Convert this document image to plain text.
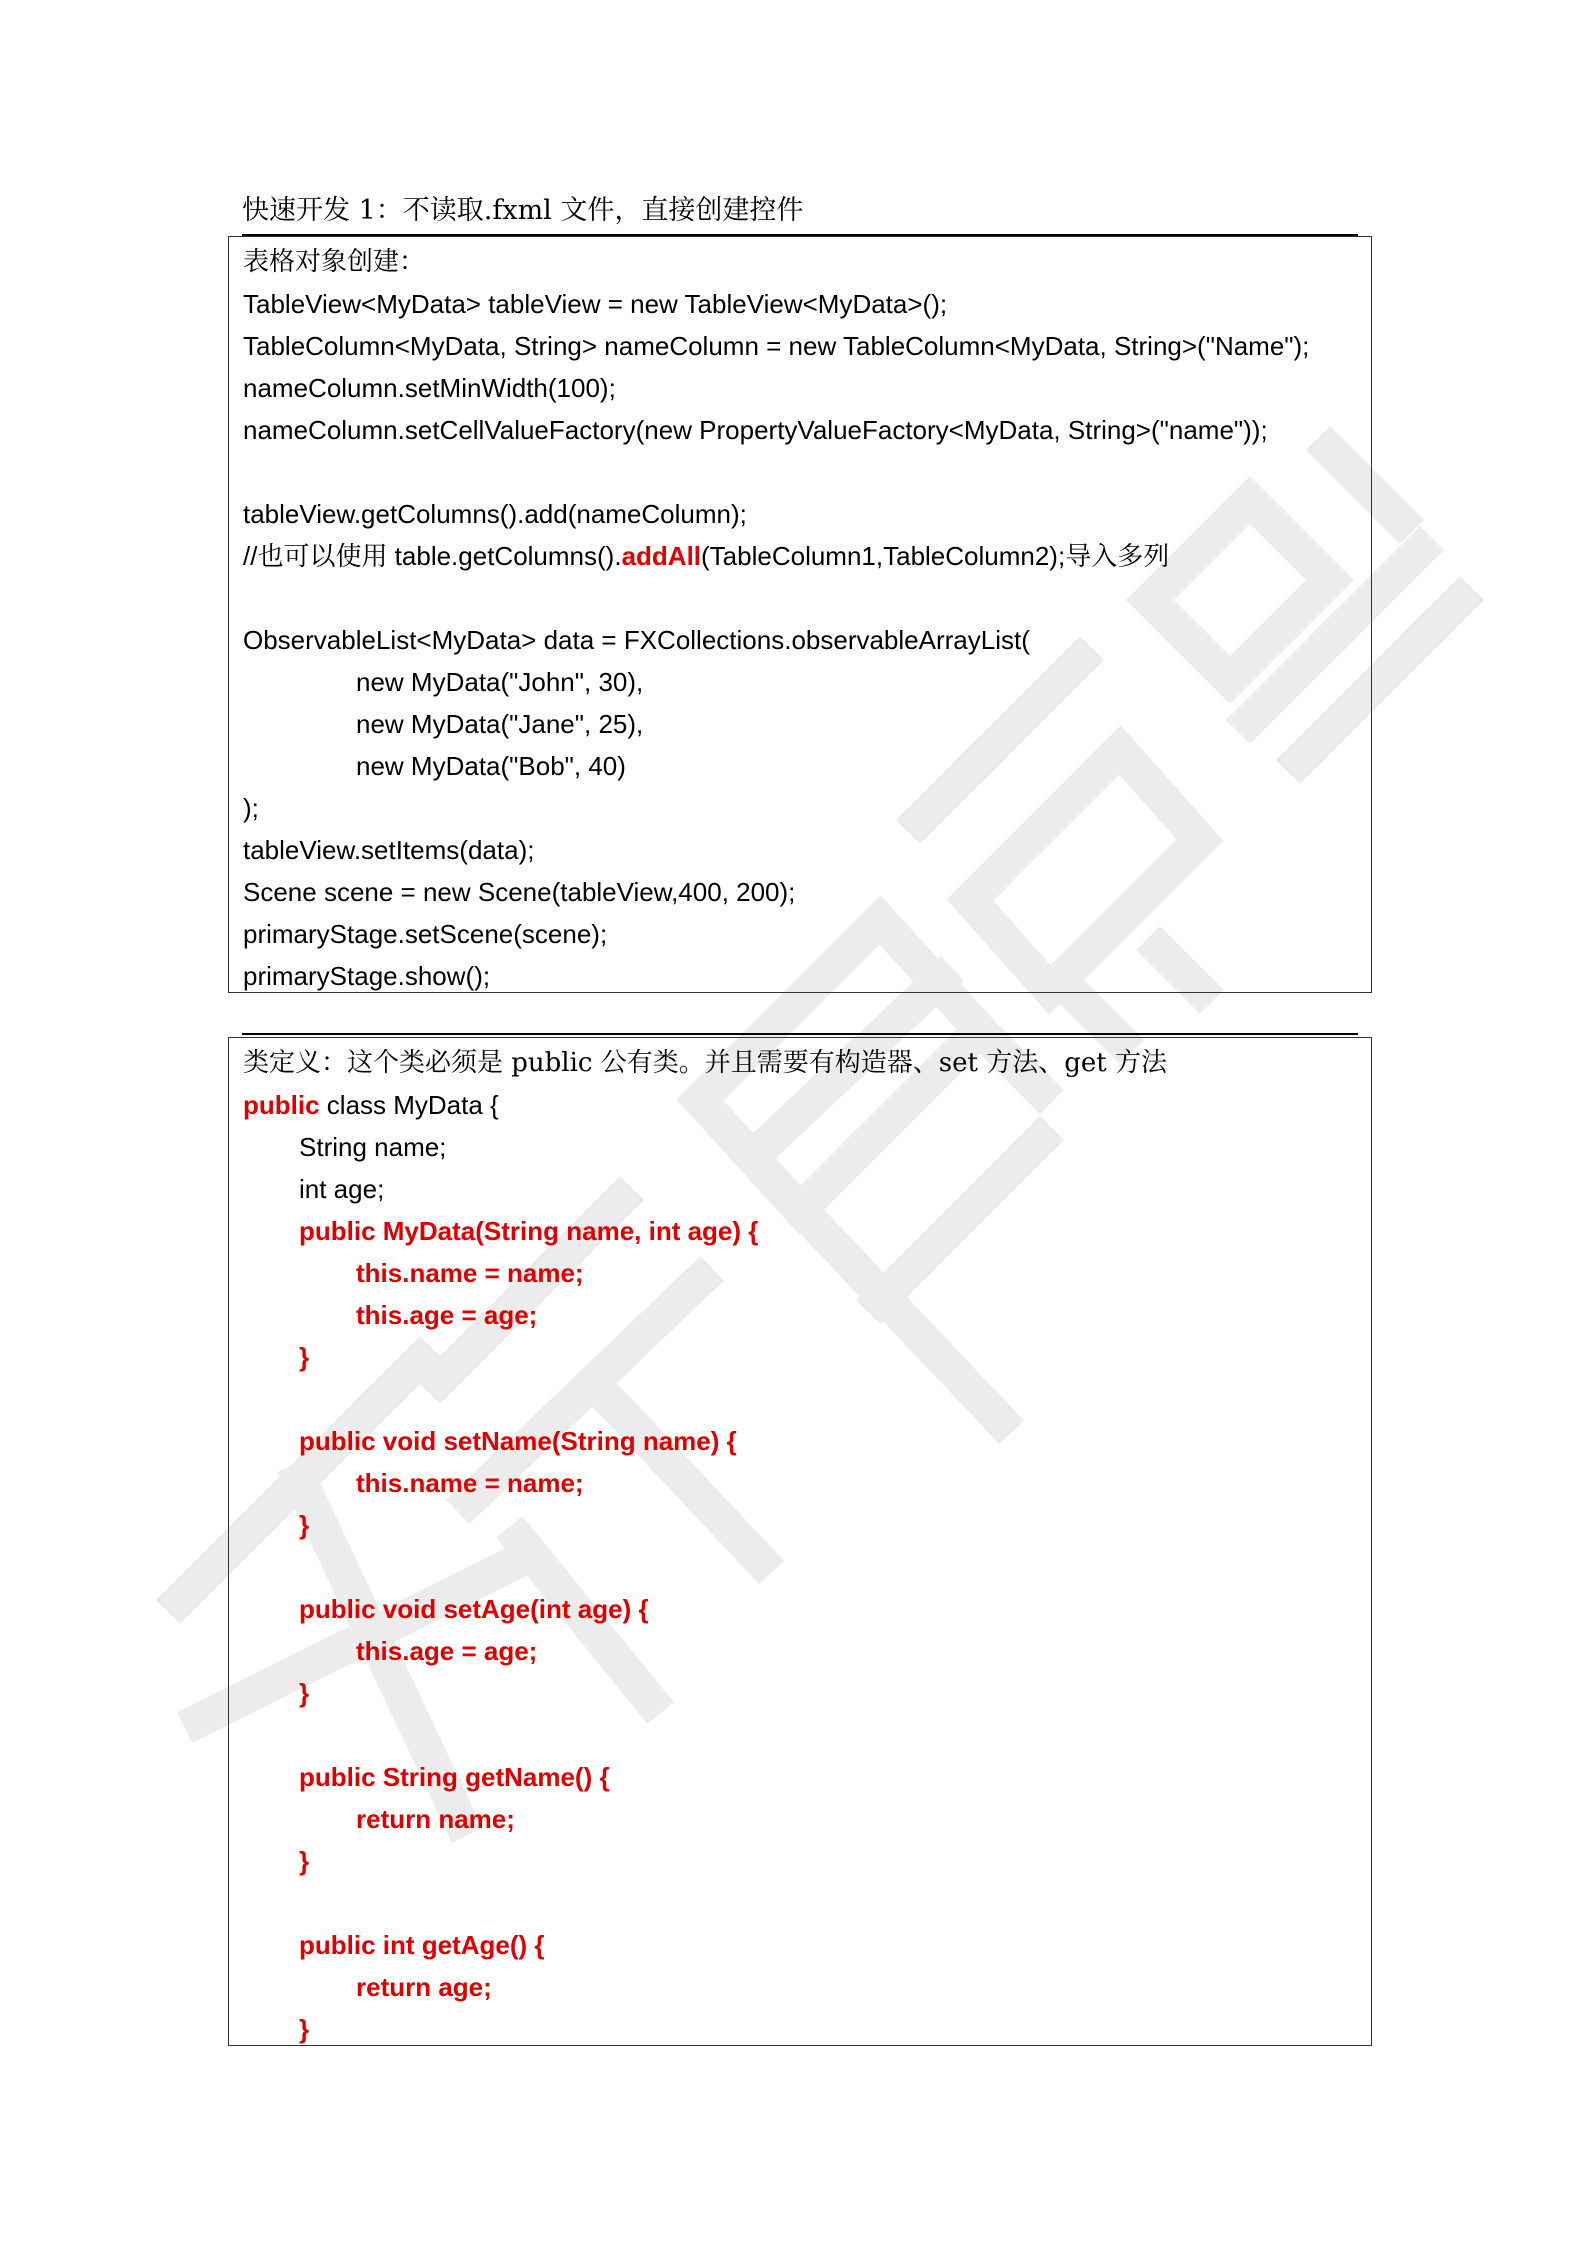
快速开发 1：不读取.fxml 文件，直接创建控件
表格对象创建：
TableView<MyData> tableView = new TableView<MyData>();
TableColumn<MyData, String> nameColumn = new TableColumn<MyData, String>("Name");
nameColumn.setMinWidth(100);
nameColumn.setCellValueFactory(new PropertyValueFactory<MyData, String>("name"));
tableView.getColumns().add(nameColumn);
//也可以使用 table.getColumns().addAll(TableColumn1,TableColumn2);导入多列
ObservableList<MyData> data = FXCollections.observableArrayList(
new MyData("John", 30),
new MyData("Jane", 25),
new MyData("Bob", 40)
);
tableView.setItems(data);
Scene scene = new Scene(tableView,400, 200);
primaryStage.setScene(scene);
primaryStage.show();
类定义：这个类必须是 public 公有类。并且需要有构造器、set 方法、get 方法
public class MyData {
String name;
int age;
public MyData(String name, int age) {
this.name = name;
this.age = age;
}
public void setName(String name) {
this.name = name;
}
public void setAge(int age) {
this.age = age;
}
public String getName() {
return name;
}
public int getAge() {
return age;
}
